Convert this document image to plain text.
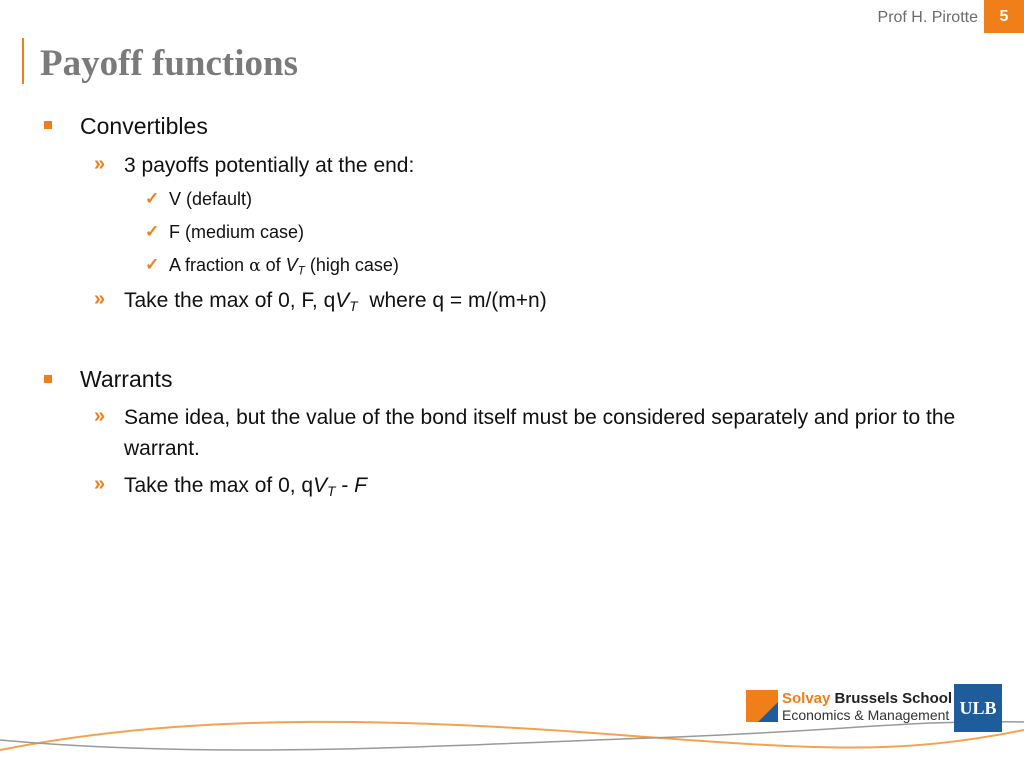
Prof H. Pirotte	5
Payoff functions
Convertibles
» 3 payoffs potentially at the end:
✓ V (default)
✓ F (medium case)
✓ A fraction α of $V_T$ (high case)
» Take the max of 0, F, $qV_T$ where q = m/(m+n)
Warrants
» Same idea, but the value of the bond itself must be considered separately and prior to the warrant.
» Take the max of 0, $qV_T$ - F
Solvay Brussels School
Economics & Management ULB
